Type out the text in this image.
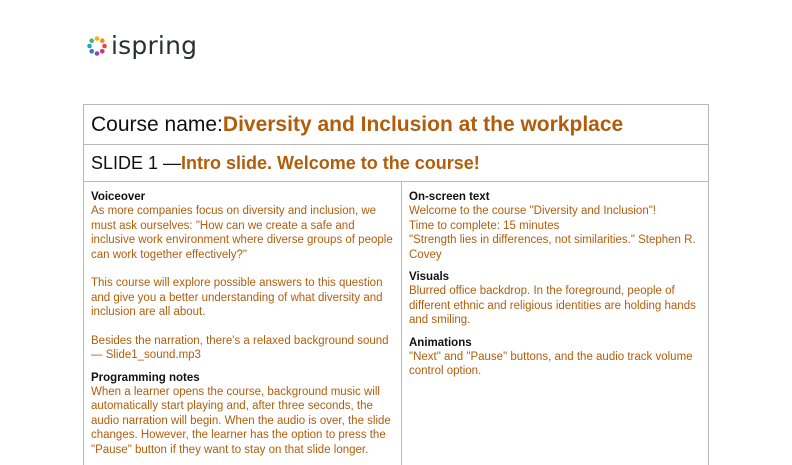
ispring
Course name: Diversity and Inclusion at the workplace
SLIDE 1 — Intro slide. Welcome to the course!
Voiceover

As more companies focus on diversity and inclusion, we must ask ourselves: "How can we create a safe and inclusive work environment where diverse groups of people can work together effectively?"

This course will explore possible answers to this question and give you a better understanding of what diversity and inclusion are all about.

Besides the narration, there's a relaxed background sound — Slide1_sound.mp3

Programming notes

When a learner opens the course, background music will automatically start playing and, after three seconds, the audio narration will begin. When the audio is over, the slide changes. However, the learner has the option to press the "Pause" button if they want to stay on that slide longer.

On-screen text

Welcome to the course "Diversity and Inclusion"!

Time to complete: 15 minutes

"Strength lies in differences, not similarities." Stephen R. Covey

Visuals

Blurred office backdrop. In the foreground, people of different ethnic and religious identities are holding hands and smiling.

Animations

"Next" and "Pause" buttons, and the audio track volume control option.
